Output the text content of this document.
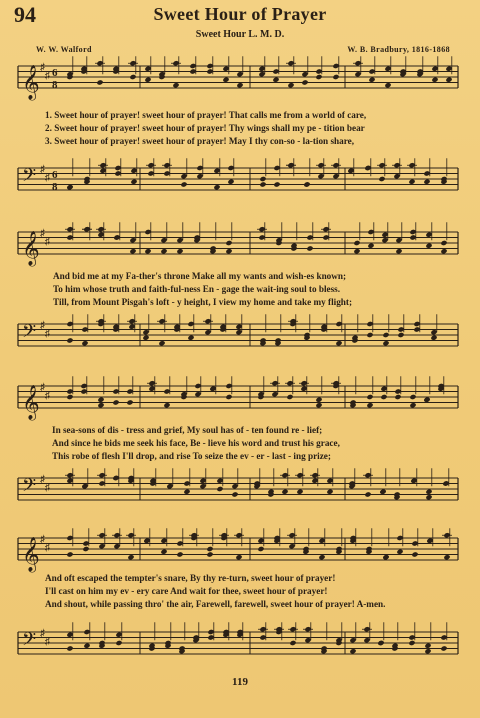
94	Sweet Hour of Prayer
Sweet Hour L. M. D.
W. W. Walford	W. B. Bradbury, 1816-1868
𝄞 ♯
♯ 6
8
1. Sweet hour of prayer! sweet hour of prayer! That calls me from a world of care,
2. Sweet hour of prayer! sweet hour of prayer! Thy wings shall my pe - tition bear
3. Sweet hour of prayer! sweet hour of prayer! May I thy con-so - la-tion share,
𝄢 ♯
♯ 6
8
𝄞 ♯
♯
And bid me at my Fa-ther's throne Make all my wants and wish-es known;
To him whose truth and faith-ful-ness En - gage the wait-ing soul to bless.
Till, from Mount Pisgah's loft - y height, I view my home and take my flight;
𝄢 ♯
♯
𝄞 ♯
♯
In sea-sons of dis - tress and grief, My soul has of - ten found re - lief;
And since he bids me seek his face, Be - lieve his word and trust his grace,
This robe of flesh I'll drop, and rise To seize the ev - er - last - ing prize;
𝄢 ♯
♯
𝄞 ♯
♯
And oft escaped the tempter's snare, By thy re-turn, sweet hour of prayer!
I'll cast on him my ev - ery care And wait for thee, sweet hour of prayer!
And shout, while passing thro' the air, Farewell, farewell, sweet hour of prayer! A-men.
𝄢 ♯
♯
119
